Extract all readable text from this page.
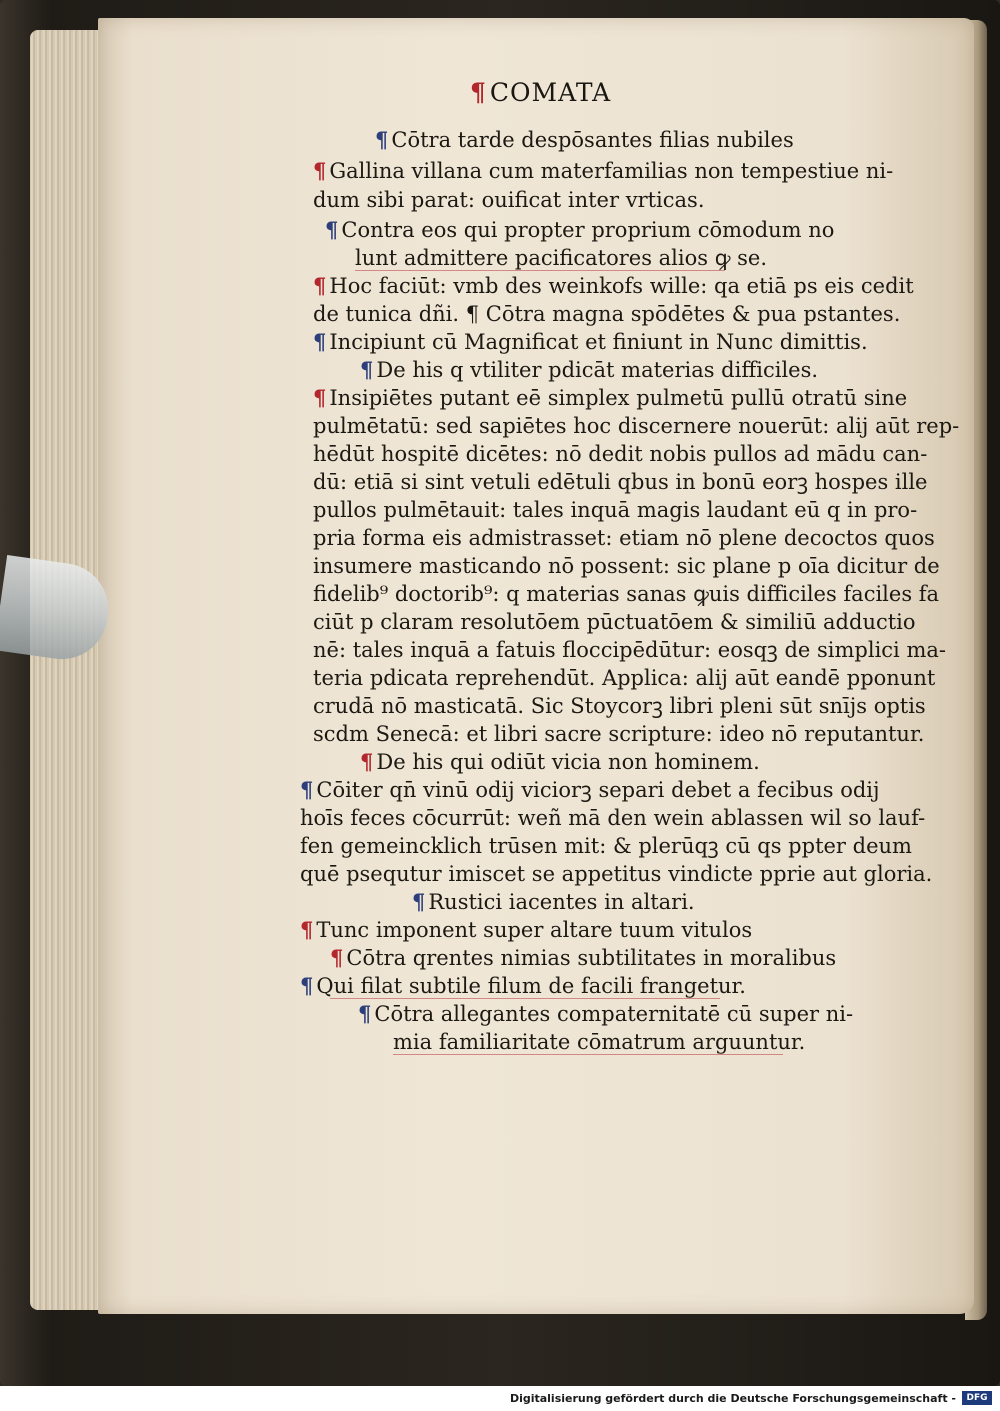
¶ COMATA
¶ Cōtra tarde despōsantes filias nubiles
¶ Gallina villana cum materfamilias non tempestiue ni-
dum sibi parat: ouificat inter vrticas.
¶ Contra eos qui propter proprium cōmodum no
lunt admittere pacificatores alios ꝙ se.
¶ Hoc faciūt: vmb des weinkofs wille: qa etiā ps eis cedit
de tunica dñi. ¶ Cōtra magna spōdētes & pua pstantes.
¶ Incipiunt cū Magnificat et finiunt in Nunc dimittis.
¶ De his q vtiliter pdicāt materias difficiles.
¶ Insipiētes putant eē simplex pulmetū pullū otratū sine
pulmētatū: sed sapiētes hoc discernere nouerūt: alij aūt rep-
hēdūt hospitē dicētes: nō dedit nobis pullos ad mādu can-
dū: etiā si sint vetuli edētuli qbus in bonū eorꝫ hospes ille
pullos pulmētauit: tales inquā magis laudant eū q in pro-
pria forma eis admistrasset: etiam nō plene decoctos quos
insumere masticando nō possent: sic plane p oīa dicitur de
fidelib⁹ doctorib⁹: q materias sanas ꝙuis difficiles faciles fa
ciūt p claram resolutōem pūctuatōem & similiū adductio
nē: tales inquā a fatuis floccipēdūtur: eosqꝫ de simplici ma-
teria pdicata reprehendūt. Applica: alij aūt eandē pponunt
crudā nō masticatā. Sic Stoycorꝫ libri pleni sūt snījs optis
scdm Senecā: et libri sacre scripture: ideo nō reputantur.
¶ De his qui odiūt vicia non hominem.
¶ Cōiter qn̄ vinū odij viciorꝫ separi debet a fecibus odij
hoīs feces cōcurrūt: weñ mā den wein ablassen wil so lauf-
fen gemeincklich trūsen mit: & plerūqꝫ cū qs ppter deum
quē psequtur imiscet se appetitus vindicte pprie aut gloria.
¶ Rustici iacentes in altari.
¶ Tunc imponent super altare tuum vitulos
¶ Cōtra qrentes nimias subtilitates in moralibus
¶ Qui filat subtile filum de facili frangetur.
¶ Cōtra allegantes compaternitatē cū super ni-
mia familiaritate cōmatrum arguuntur.
Digitalisierung gefördert durch die Deutsche Forschungsgemeinschaft -	DFG
